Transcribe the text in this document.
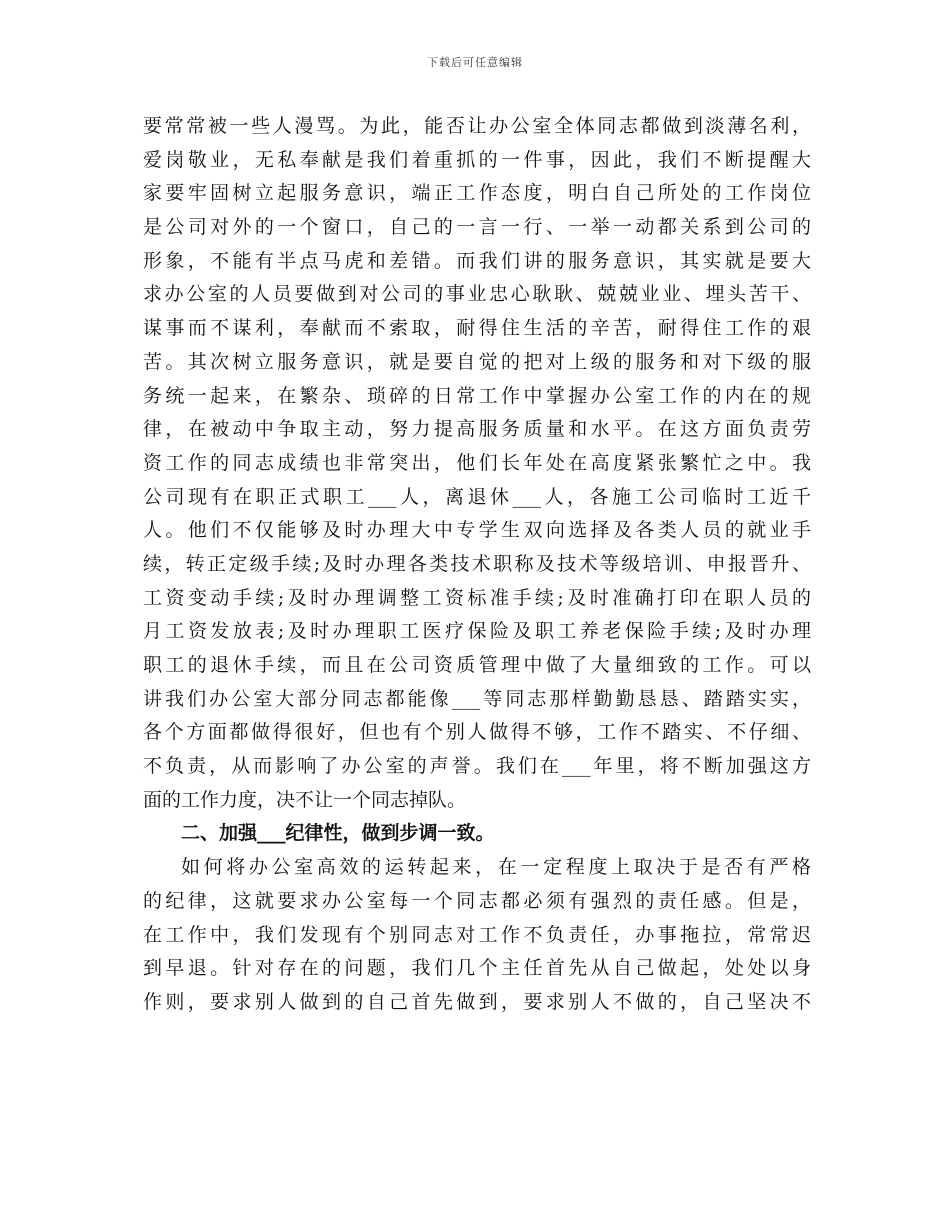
下载后可任意编辑
要常常被一些人漫骂。为此，能否让办公室全体同志都做到淡薄名利，
爱岗敬业，无私奉献是我们着重抓的一件事，因此，我们不断提醒大
家要牢固树立起服务意识，端正工作态度，明白自己所处的工作岗位
是公司对外的一个窗口，自己的一言一行、一举一动都关系到公司的
形象，不能有半点马虎和差错。而我们讲的服务意识，其实就是要大
求办公室的人员要做到对公司的事业忠心耿耿、兢兢业业、埋头苦干、
谋事而不谋利，奉献而不索取，耐得住生活的辛苦，耐得住工作的艰
苦。其次树立服务意识，就是要自觉的把对上级的服务和对下级的服
务统一起来，在繁杂、琐碎的日常工作中掌握办公室工作的内在的规
律，在被动中争取主动，努力提高服务质量和水平。在这方面负责劳
资工作的同志成绩也非常突出，他们长年处在高度紧张繁忙之中。我
公司现有在职正式职工___人，离退休___人，各施工公司临时工近千
人。他们不仅能够及时办理大中专学生双向选择及各类人员的就业手
续，转正定级手续;及时办理各类技术职称及技术等级培训、申报晋升、
工资变动手续;及时办理调整工资标准手续;及时准确打印在职人员的
月工资发放表;及时办理职工医疗保险及职工养老保险手续;及时办理
职工的退休手续，而且在公司资质管理中做了大量细致的工作。可以
讲我们办公室大部分同志都能像___等同志那样勤勤恳恳、踏踏实实，
各个方面都做得很好，但也有个别人做得不够，工作不踏实、不仔细、
不负责，从而影响了办公室的声誉。我们在___年里，将不断加强这方
面的工作力度，决不让一个同志掉队。
二、加强___纪律性，做到步调一致。
如何将办公室高效的运转起来，在一定程度上取决于是否有严格
的纪律，这就要求办公室每一个同志都必须有强烈的责任感。但是，
在工作中，我们发现有个别同志对工作不负责任，办事拖拉，常常迟
到早退。针对存在的问题，我们几个主任首先从自己做起，处处以身
作则，要求别人做到的自己首先做到，要求别人不做的，自己坚决不
